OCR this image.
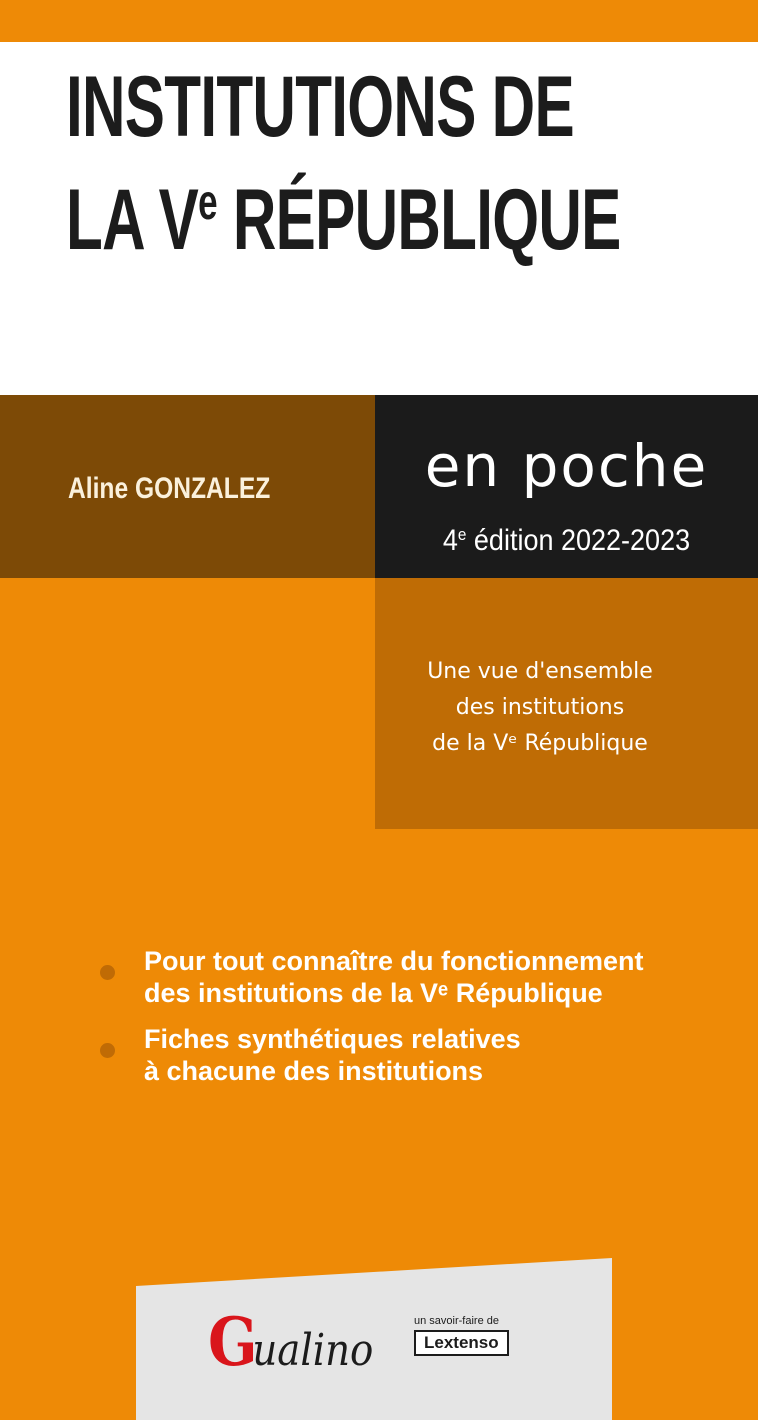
INSTITUTIONS DE
LA Ve RÉPUBLIQUE
Aline GONZALEZ	en poche
4e édition 2022-2023
Une vue d'ensemble
des institutions
de la Vᵉ République
Pour tout connaître du fonctionnement
des institutions de la Vᵉ République
Fiches synthétiques relatives
à chacune des institutions
Gualino
un savoir-faire de
Lextenso
